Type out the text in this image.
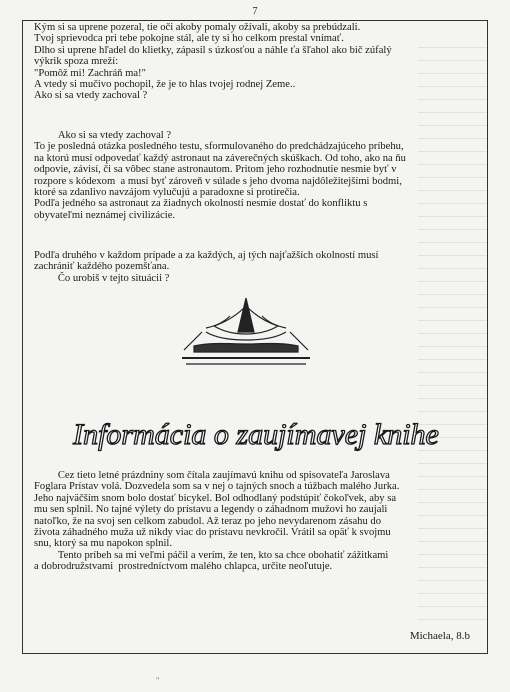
7

Kým si sa uprene pozeral, tie oči akoby pomaly ožívali, akoby sa prebúdzali.
Tvoj sprievodca pri tebe pokojne stál, ale ty si ho celkom prestal vnímať.
Dlho si uprene hľadel do klietky, zápasil s úzkosťou a náhle ťa šľahol ako bič zúfalý
výkrik spoza mreží:
"Pomôž mi! Zachráň ma!"
A vtedy si mučivo pochopil, že je to hlas tvojej rodnej Zeme..
Ako si sa vtedy zachoval ?

Ako si sa vtedy zachoval ?
To je posledná otázka posledného testu, sformulovaného do predchádzajúceho príbehu,
na ktorú musí odpovedať každý astronaut na záverečných skúškach. Od toho, ako na ňu
odpovie, závisí, či sa vôbec stane astronautom. Pritom jeho rozhodnutie nesmie byť v
rozpore s kódexom  a musí byť zároveň v súlade s jeho dvoma najdôležitejšími bodmi,
ktoré sa zdanlivo navzájom vylučujú a paradoxne si protirečia.
Podľa jedného sa astronaut za žiadnych okolností nesmie dostať do konfliktu s
obyvateľmi neznámej civilizácie.

Podľa druhého v každom prípade a za každých, aj tých najťažších okolností musí
zachrániť každého pozemšťana.
Čo urobiš v tejto situácii ?

Informácia o zaujímavej knihe

Cez tieto letné prázdniny som čítala zaujímavú knihu od spisovateľa Jaroslava
Foglara Prístav volá. Dozvedela som sa v nej o tajných snoch a túžbach malého Jurka.
Jeho najväčším snom bolo dostať bicykel. Bol odhodlaný podstúpiť čokoľvek, aby sa
mu sen splnil. No tajné výlety do prístavu a legendy o záhadnom mužovi ho zaujali
natoľko, že na svoj sen celkom zabudol. Až teraz po jeho nevydarenom zásahu do
života záhadného muža už nikdy viac do prístavu nevkročil. Vrátil sa opäť k svojmu
snu, ktorý sa mu napokon splnil.
Tento príbeh sa mi veľmi páčil a verím, že ten, kto sa chce obohatiť zážitkami
a dobrodružstvami  prostredníctvom malého chlapca, určite neoľutuje.

Michaela, 8.b
"
